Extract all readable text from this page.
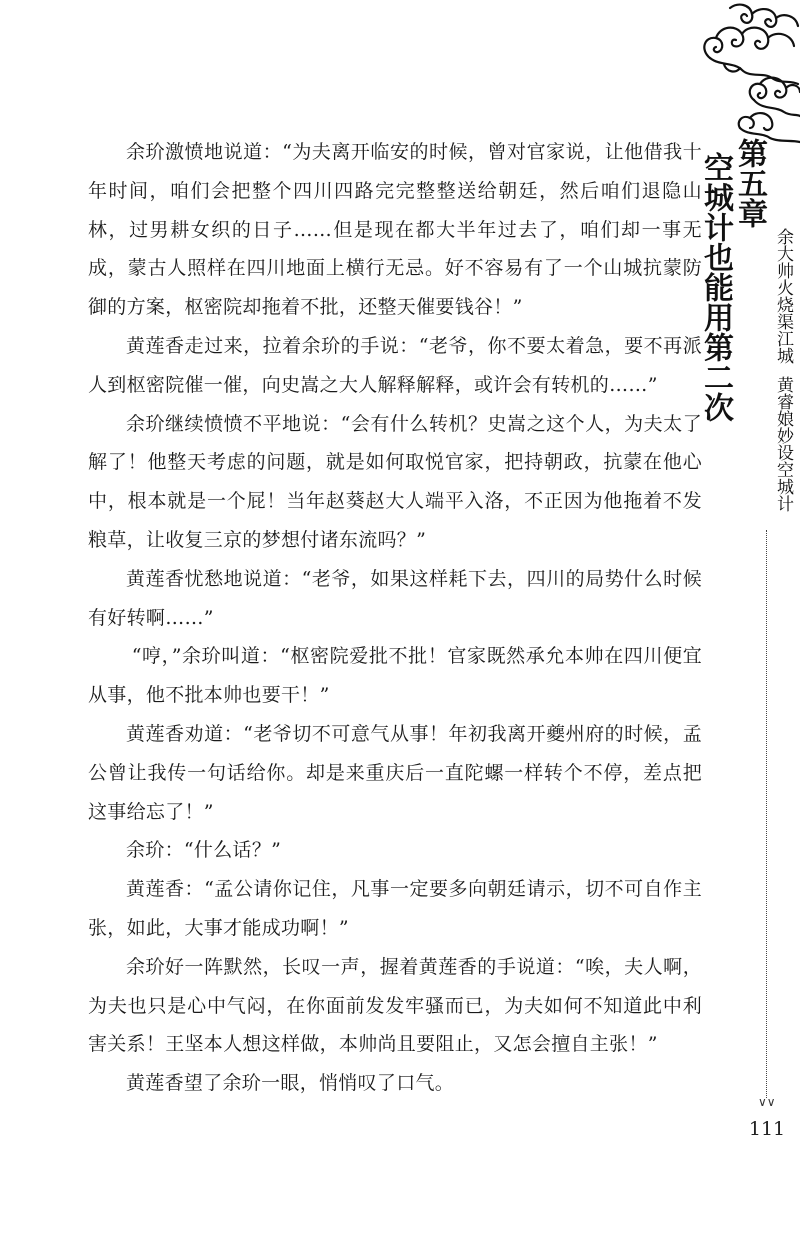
余玠激愤地说道：“为夫离开临安的时候，曾对官家说，让他借我十年时间，咱们会把整个四川四路完完整整送给朝廷，然后咱们退隐山林，过男耕女织的日子……但是现在都大半年过去了，咱们却一事无成，蒙古人照样在四川地面上横行无忌。好不容易有了一个山城抗蒙防御的方案，枢密院却拖着不批，还整天催要钱谷！”

黄莲香走过来，拉着余玠的手说：“老爷，你不要太着急，要不再派人到枢密院催一催，向史嵩之大人解释解释，或许会有转机的……”

余玠继续愤愤不平地说：“会有什么转机？史嵩之这个人，为夫太了解了！他整天考虑的问题，就是如何取悦官家，把持朝政，抗蒙在他心中，根本就是一个屁！当年赵葵赵大人端平入洛，不正因为他拖着不发粮草，让收复三京的梦想付诸东流吗？”

黄莲香忧愁地说道：“老爷，如果这样耗下去，四川的局势什么时候有好转啊……”

“哼，”余玠叫道：“枢密院爱批不批！官家既然承允本帅在四川便宜从事，他不批本帅也要干！”

黄莲香劝道：“老爷切不可意气从事！年初我离开夔州府的时候，孟公曾让我传一句话给你。却是来重庆后一直陀螺一样转个不停，差点把这事给忘了！”

余玠：“什么话？”

黄莲香：“孟公请你记住，凡事一定要多向朝廷请示，切不可自作主张，如此，大事才能成功啊！”

余玠好一阵默然，长叹一声，握着黄莲香的手说道：“唉，夫人啊，为夫也只是心中气闷，在你面前发发牢骚而已，为夫如何不知道此中利害关系！王坚本人想这样做，本帅尚且要阻止，又怎会擅自主张！”

黄莲香望了余玠一眼，悄悄叹了口气。

第五章
空城计也能用第二次 余大帅火烧渠江城黄睿娘妙设空城计
∨∨
111
